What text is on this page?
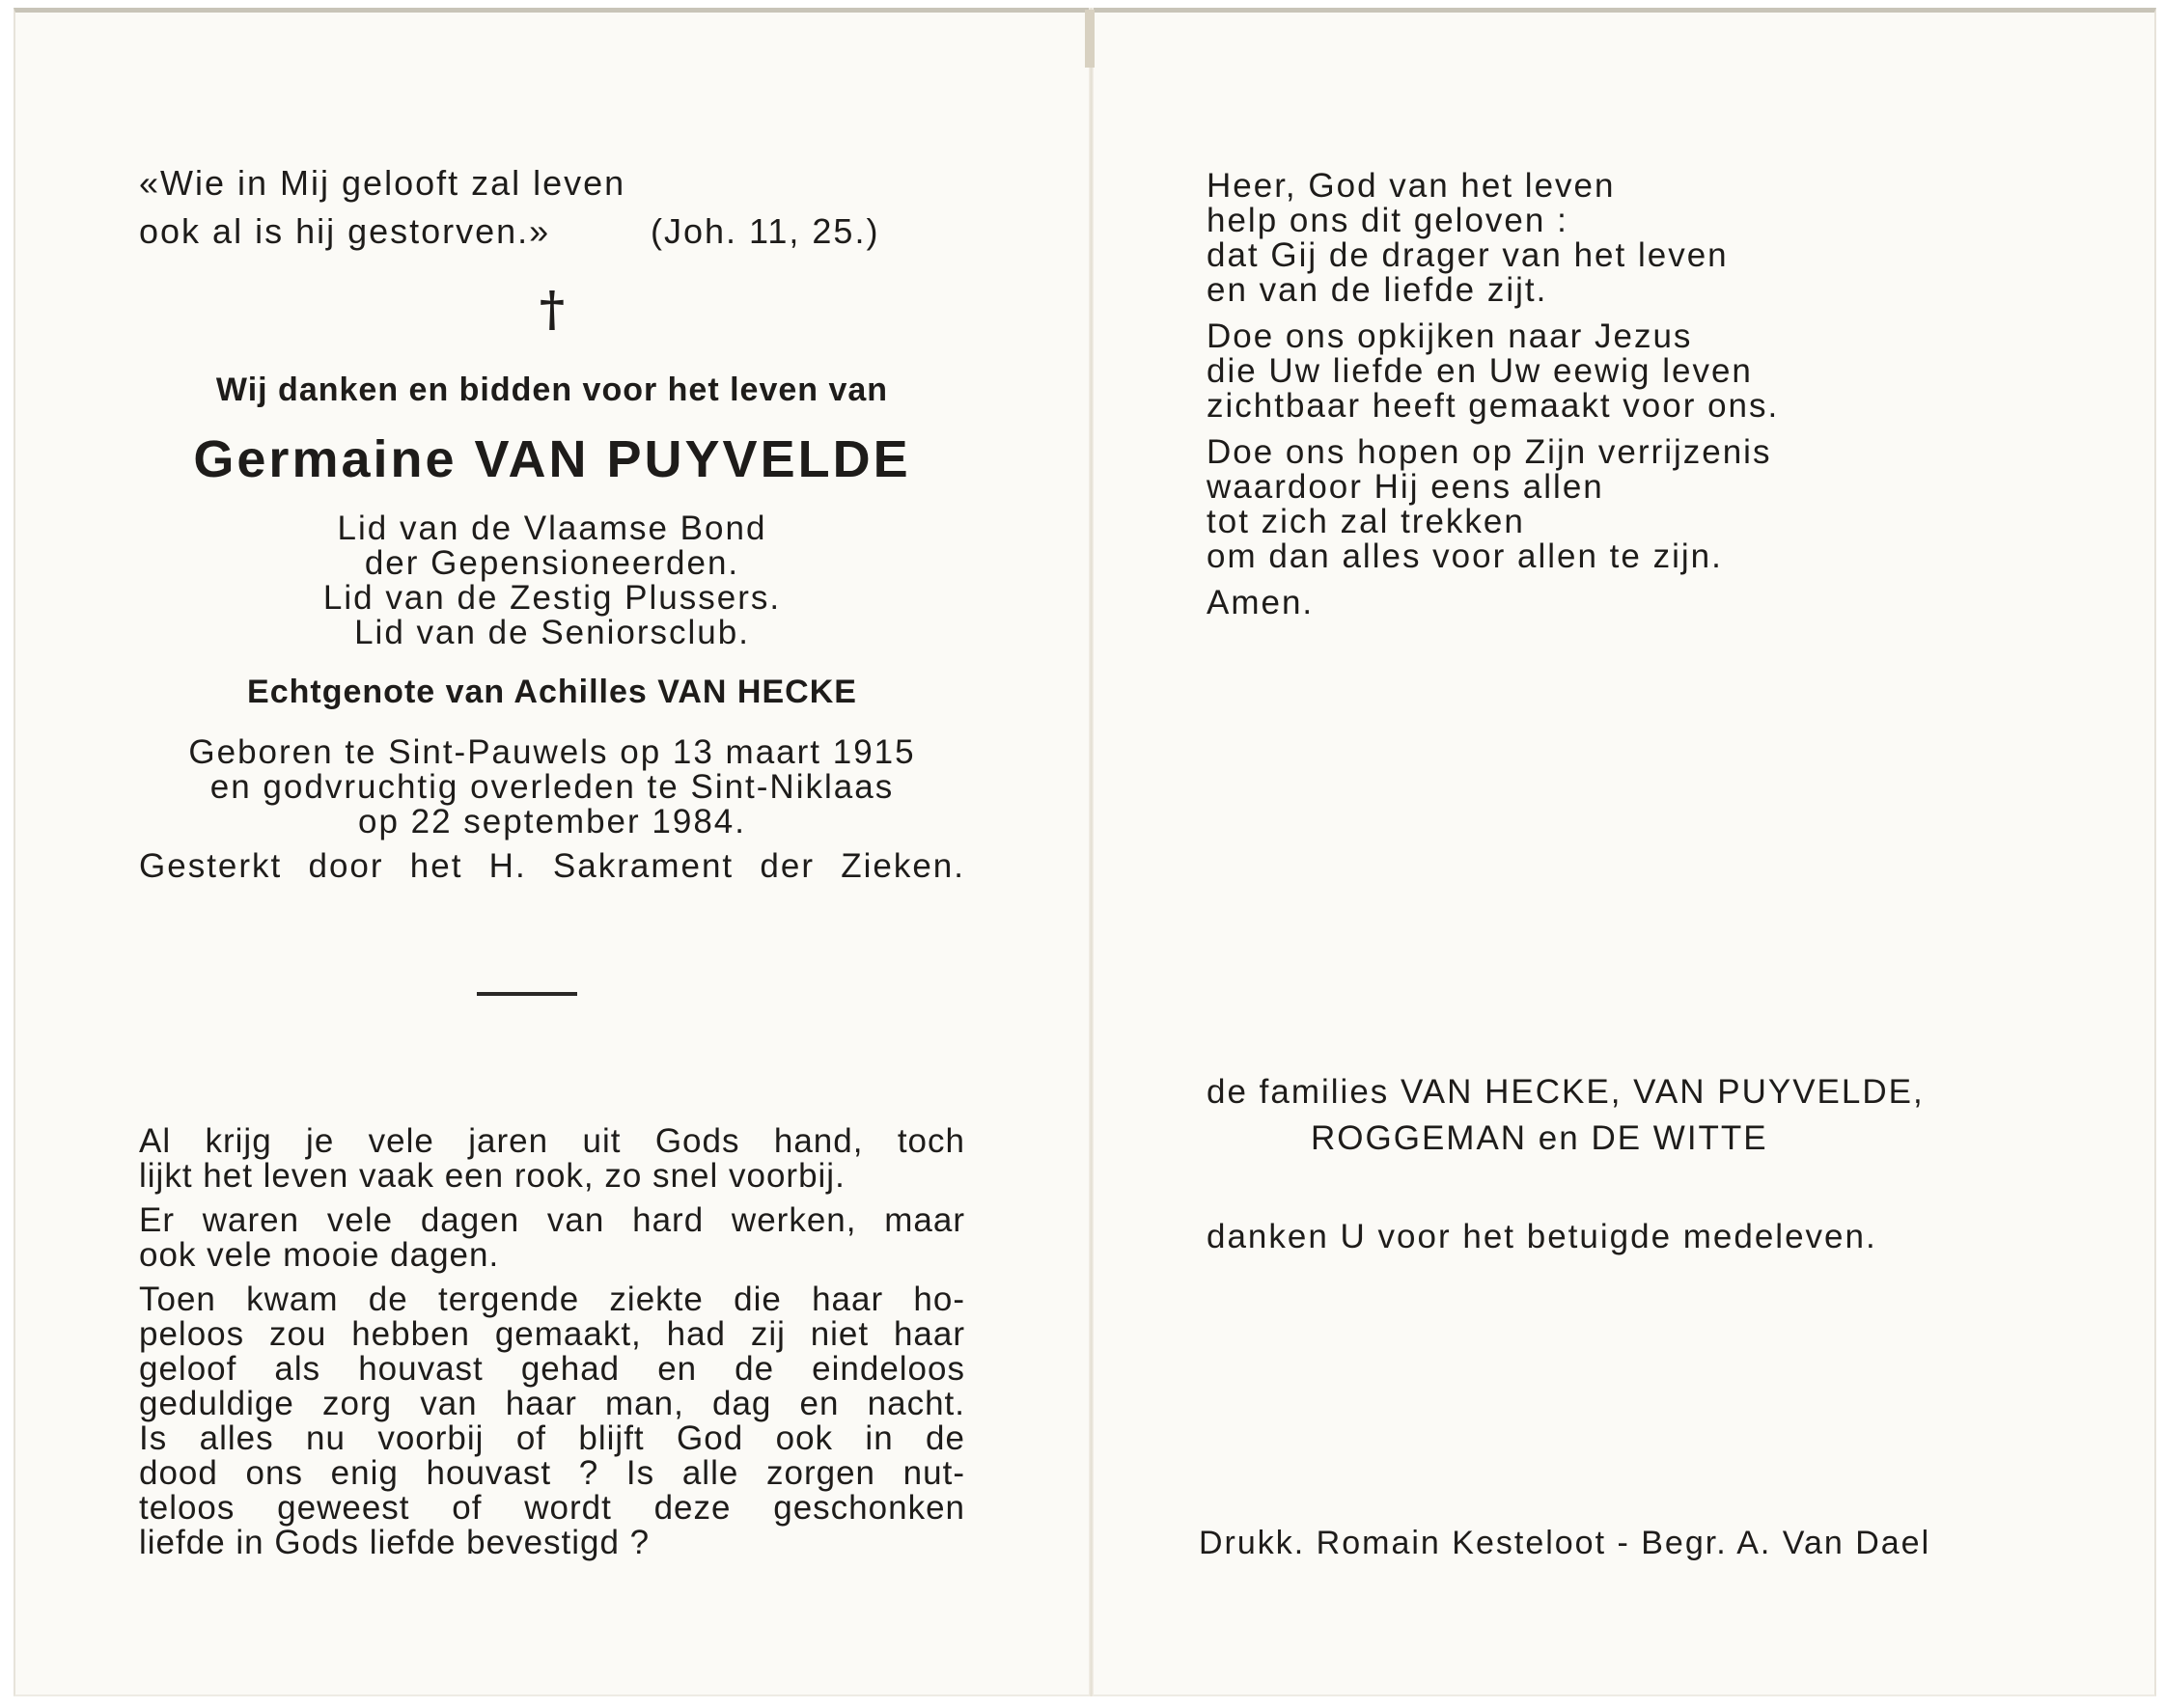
«Wie in Mij gelooft zal leven

ook al is hij gestorven.»	(Joh. 11, 25.)
†
Wij danken en bidden voor het leven van
Germaine VAN PUYVELDE

Lid van de Vlaamse Bond

der Gepensioneerden.

Lid van de Zestig Plussers.

Lid van de Seniorsclub.

Echtgenote van Achilles VAN HECKE

Geboren te Sint-Pauwels op 13 maart 1915

en godvruchtig overleden te Sint-Niklaas

op 22 september 1984.

Gesterkt door het H. Sakrament der Zieken.

Al krijg je vele jaren uit Gods hand, toch
lijkt het leven vaak een rook, zo snel voorbij.

Er waren vele dagen van hard werken, maar
ook vele mooie dagen.

Toen kwam de tergende ziekte die haar ho-
peloos zou hebben gemaakt, had zij niet haar
geloof als houvast gehad en de eindeloos
geduldige zorg van haar man, dag en nacht.
Is alles nu voorbij of blijft God ook in de
dood ons enig houvast ? Is alle zorgen nut-
teloos geweest of wordt deze geschonken
liefde in Gods liefde bevestigd ?

Heer, God van het leven
help ons dit geloven :
dat Gij de drager van het leven
en van de liefde zijt.

Doe ons opkijken naar Jezus
die Uw liefde en Uw eewig leven
zichtbaar heeft gemaakt voor ons.

Doe ons hopen op Zijn verrijzenis
waardoor Hij eens allen
tot zich zal trekken
om dan alles voor allen te zijn.

Amen.

de families VAN HECKE, VAN PUYVELDE,

ROGGEMAN en DE WITTE

danken U voor het betuigde medeleven.
Drukk. Romain Kesteloot - Begr. A. Van Dael
